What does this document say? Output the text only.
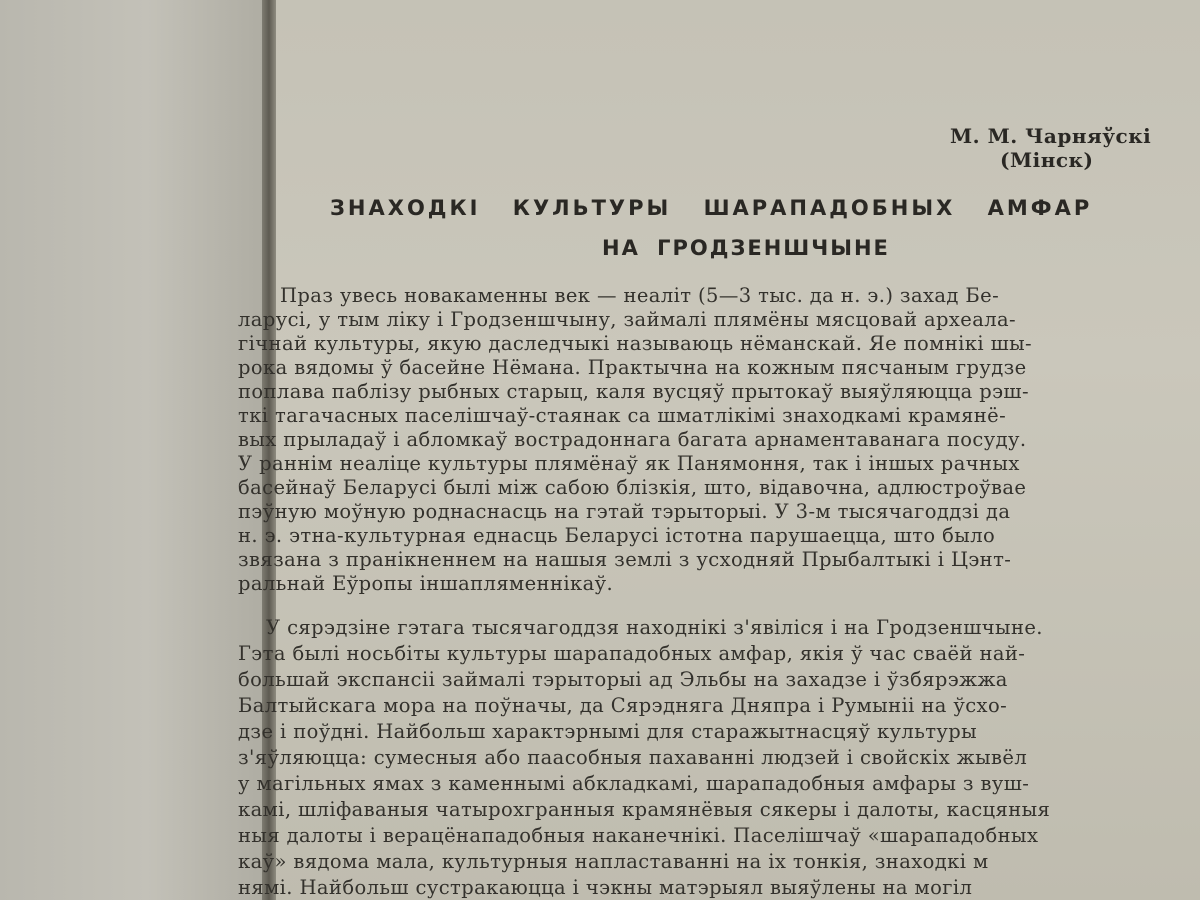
М. М. Чарняўскі
(Мінск)
ЗНАХОДКІ КУЛЬТУРЫ ШАРАПАДОБНЫХ АМФАР
НА ГРОДЗЕНШЧЫНЕ
Праз увесь новакаменны век — неаліт (5—3 тыс. да н. э.) захад Бе-
ларусі, у тым ліку і Гродзеншчыну, займалі плямёны мясцовай археала-
гічнай культуры, якую даследчыкі называюць нёманскай. Яе помнікі шы-
рока вядомы ў басейне Нёмана. Практычна на кожным пясчаным грудзе
поплава паблізу рыбных старыц, каля вусцяў прытокаў выяўляюцца рэш-
ткі тагачасных паселішчаў-стаянак са шматлікімі знаходкамі крамянё-
вых прыладаў і абломкаў вострадоннага багата арнаментаванага посуду.
У раннім неаліце культуры плямёнаў як Панямоння, так і іншых рачных
басейнаў Беларусі былі між сабою блізкія, што, відавочна, адлюстроўвае
пэўную моўную роднаснасць на гэтай тэрыторыі. У 3-м тысячагоддзі да
н. э. этна-культурная еднасць Беларусі істотна парушаецца, што было
звязана з пранікненнем на нашыя землі з усходняй Прыбалтыкі і Цэнт-
ральнай Еўропы іншапляменнікаў.
У сярэдзіне гэтага тысячагоддзя находнікі з'явіліся і на Гродзеншчыне.
Гэта былі носьбіты культуры шарападобных амфар, якія ў час сваёй най-
большай экспансіі займалі тэрыторыі ад Эльбы на захадзе і ўзбярэжжа
Балтыйскага мора на поўначы, да Сярэдняга Дняпра і Румыніі на ўсхо-
дзе і поўдні. Найбольш характэрнымі для старажытнасцяў культуры
з'яўляюцца: сумесныя або паасобныя пахаванні людзей і свойскіх жывёл
у магільных ямах з каменнымі абкладкамі, шарападобныя амфары з вуш-
камі, шліфаваныя чатырохгранныя крамянёвыя сякеры і далоты, касцяныя
ныя далоты і верацёнападобныя наканечнікі. Паселішчаў «шарападобных
каў» вядома мала, культурныя напластаванні на іх тонкія, знаходкі м
нямі. Найбольш сустракаюцца і чэкны матэрыял выяўлены на могіл
